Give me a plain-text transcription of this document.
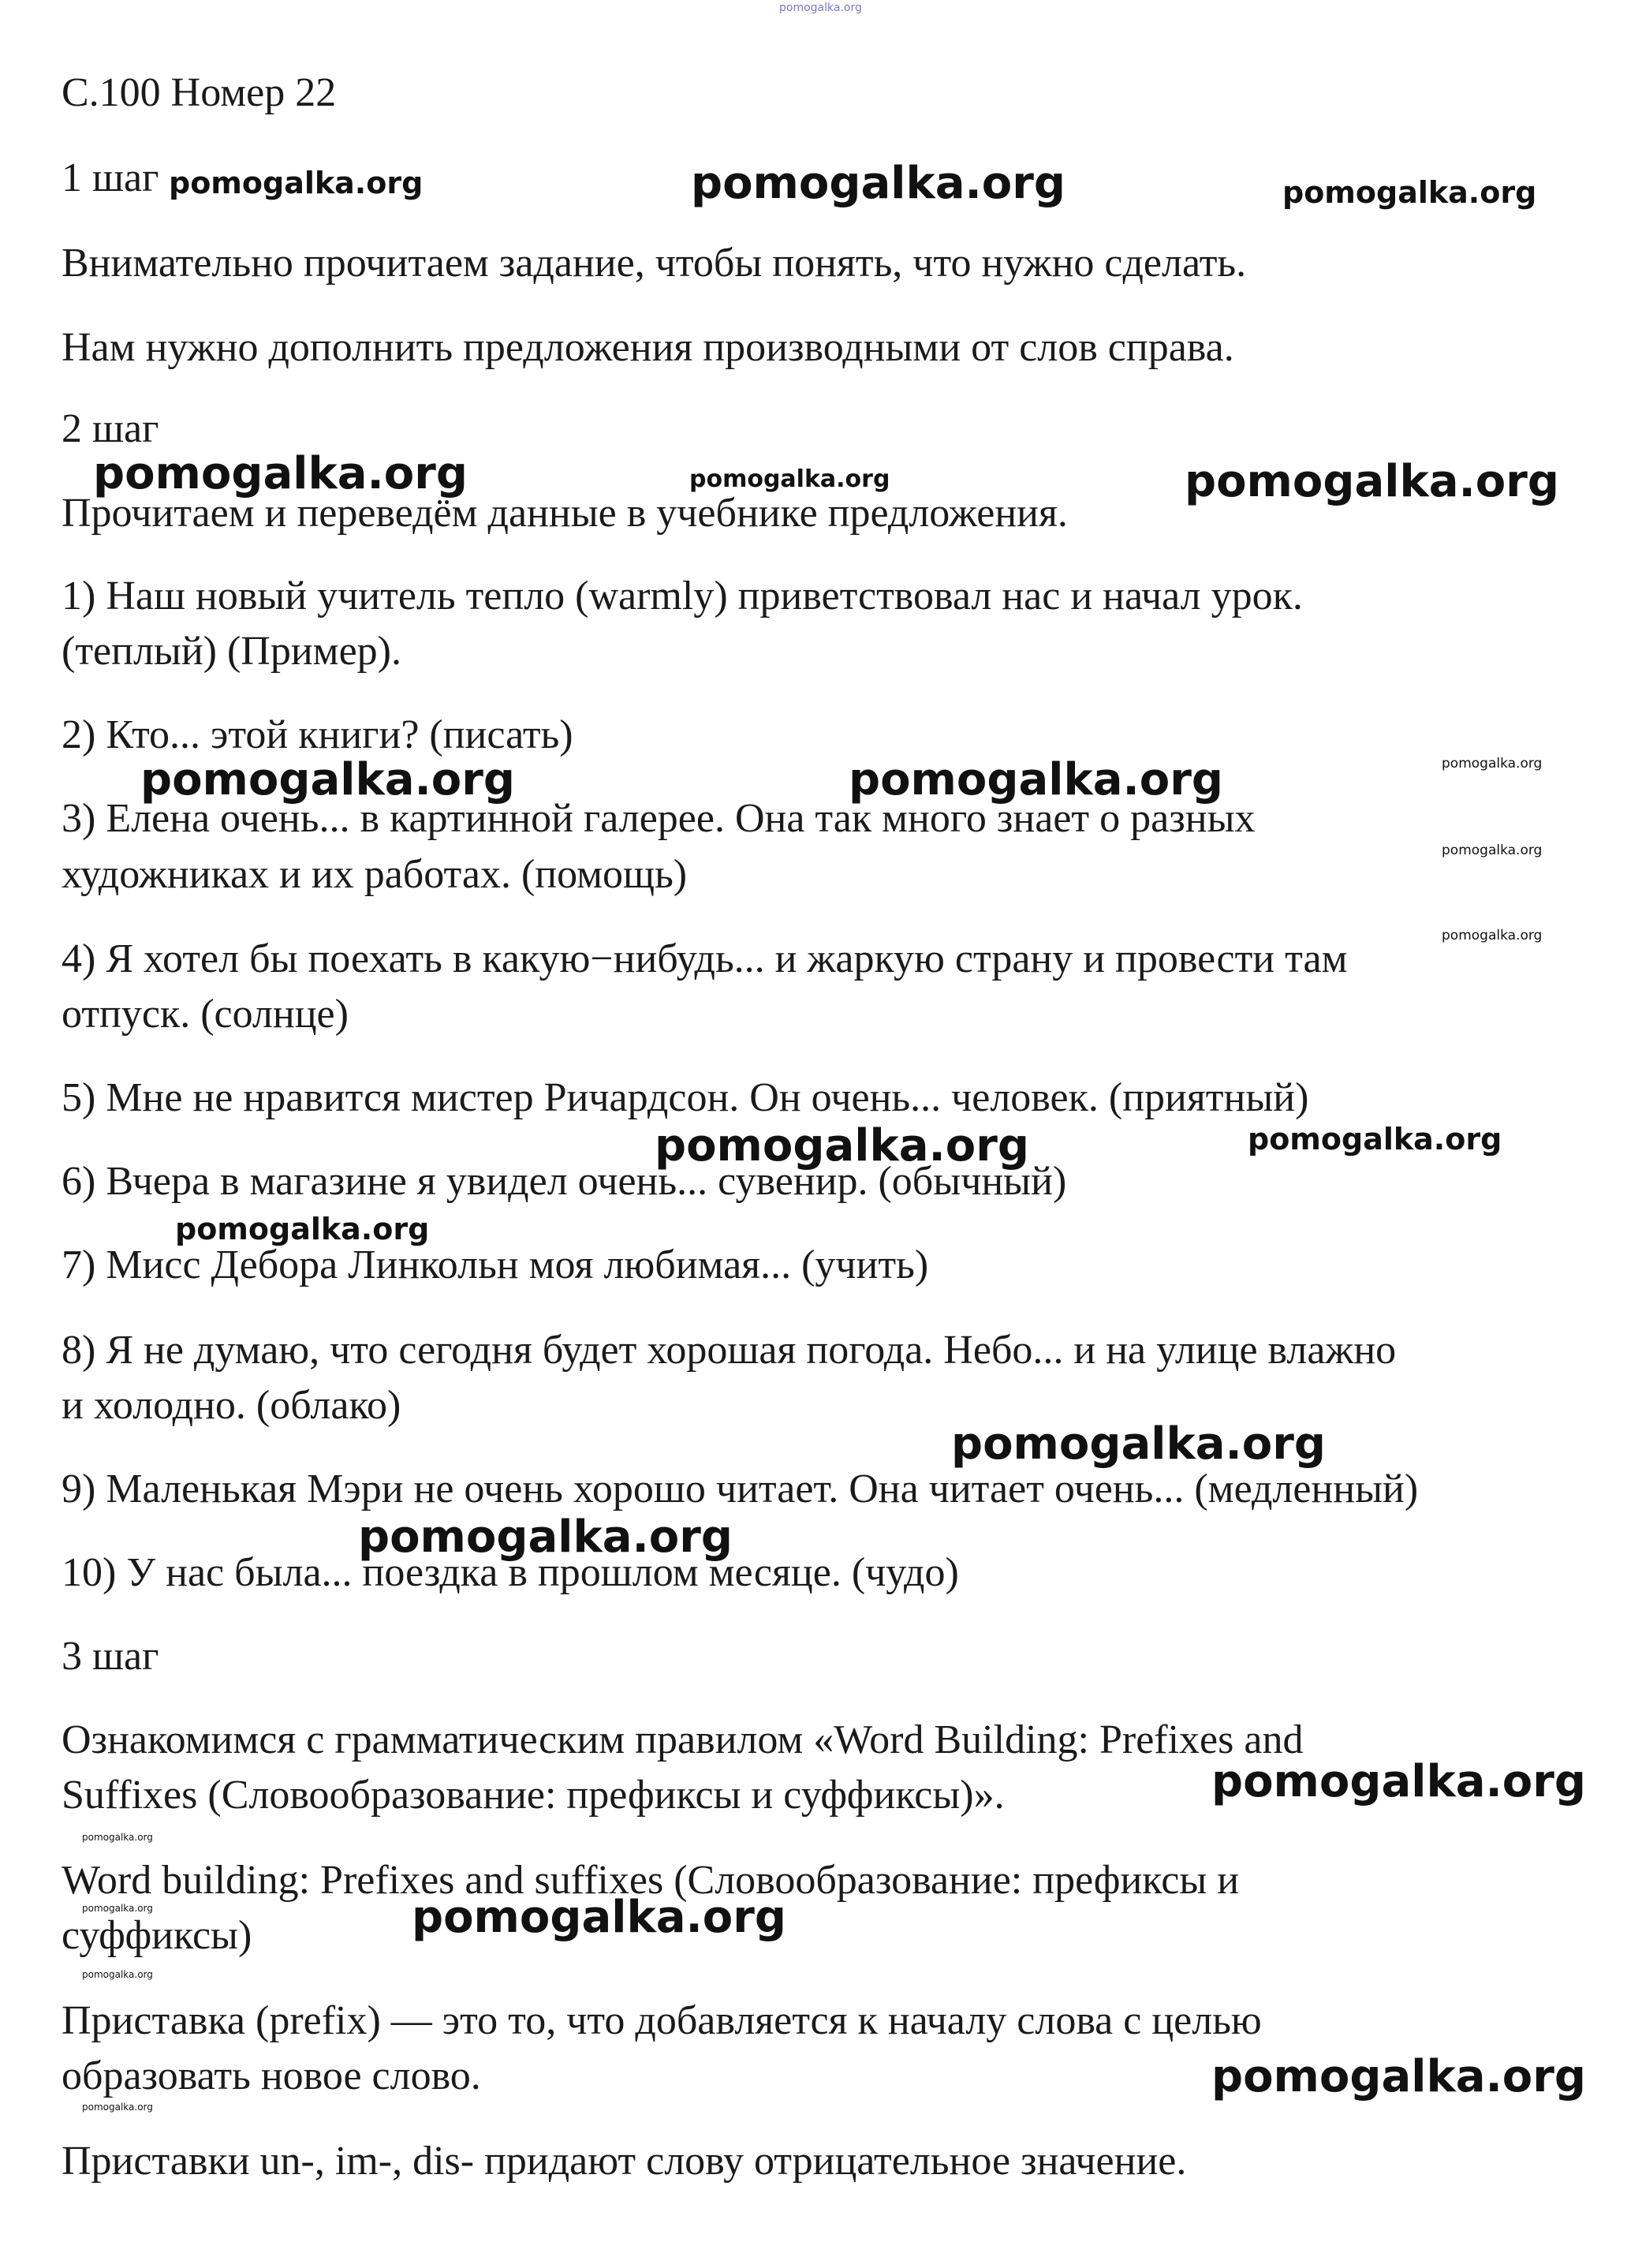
С.100 Номер 22

1 шаг

Внимательно прочитаем задание, чтобы понять, что нужно сделать.

Нам нужно дополнить предложения производными от слов справа.

2 шаг

Прочитаем и переведём данные в учебнике предложения.

1) Наш новый учитель тепло (warmly) приветствовал нас и начал урок.

(теплый) (Пример).

2) Кто... этой книги? (писать)

3) Елена очень... в картинной галерее. Она так много знает о разных

художниках и их работах. (помощь)

4) Я хотел бы поехать в какую−нибудь... и жаркую страну и провести там

отпуск. (солнце)

5) Мне не нравится мистер Ричардсон. Он очень... человек. (приятный)

6) Вчера в магазине я увидел очень... сувенир. (обычный)

7) Мисс Дебора Линкольн моя любимая... (учить)

8) Я не думаю, что сегодня будет хорошая погода. Небо... и на улице влажно

и холодно. (облако)

9) Маленькая Мэри не очень хорошо читает. Она читает очень... (медленный)

10) У нас была... поездка в прошлом месяце. (чудо)

3 шаг

Ознакомимся с грамматическим правилом «Word Building: Prefixes and

Suffixes (Словообразование: префиксы и суффиксы)».

Word building: Prefixes and suffixes (Словообразование: префиксы и

суффиксы)

Приставка (prefix) — это то, что добавляется к началу слова с целью

образовать новое слово.

Приставки un-, im-, dis- придают слову отрицательное значение.

pomogalka.org
pomogalka.org	pomogalka.org	pomogalka.org
pomogalka.org	pomogalka.org	pomogalka.org
pomogalka.org
pomogalka.org	pomogalka.org
pomogalka.org
pomogalka.org
pomogalka.org	pomogalka.org
pomogalka.org
pomogalka.org
pomogalka.org
pomogalka.org
pomogalka.org
pomogalka.org	pomogalka.org
pomogalka.org
pomogalka.org
pomogalka.org
